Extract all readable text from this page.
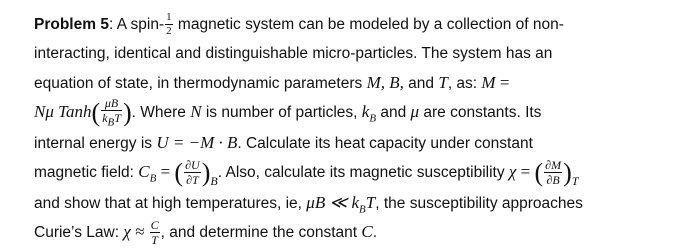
Problem 5: A spin- $\frac{1}{2}$ magnetic system can be modeled by a collection of non-
interacting, identical and distinguishable micro-particles. The system has an
equation of state, in thermodynamic parameters M, B, and T, as: M =
Nμ Tanh( $\frac{\mu B}{k_BT}$ ). Where N is number of particles, $k_B$ and μ are constants. Its
internal energy is U = −M · B. Calculate its heat capacity under constant
magnetic field: $C_B$ = ( $\frac{\partial U}{\partial T} )_B$. Also, calculate its magnetic susceptibility χ = ( $\frac{\partial M}{\partial B} )_T$
and show that at high temperatures, ie, μB ≪ $k_BT$, the susceptibility approaches
Curie’s Law: $\chi \approx \frac{C}{T}$ , and determine the constant C.
